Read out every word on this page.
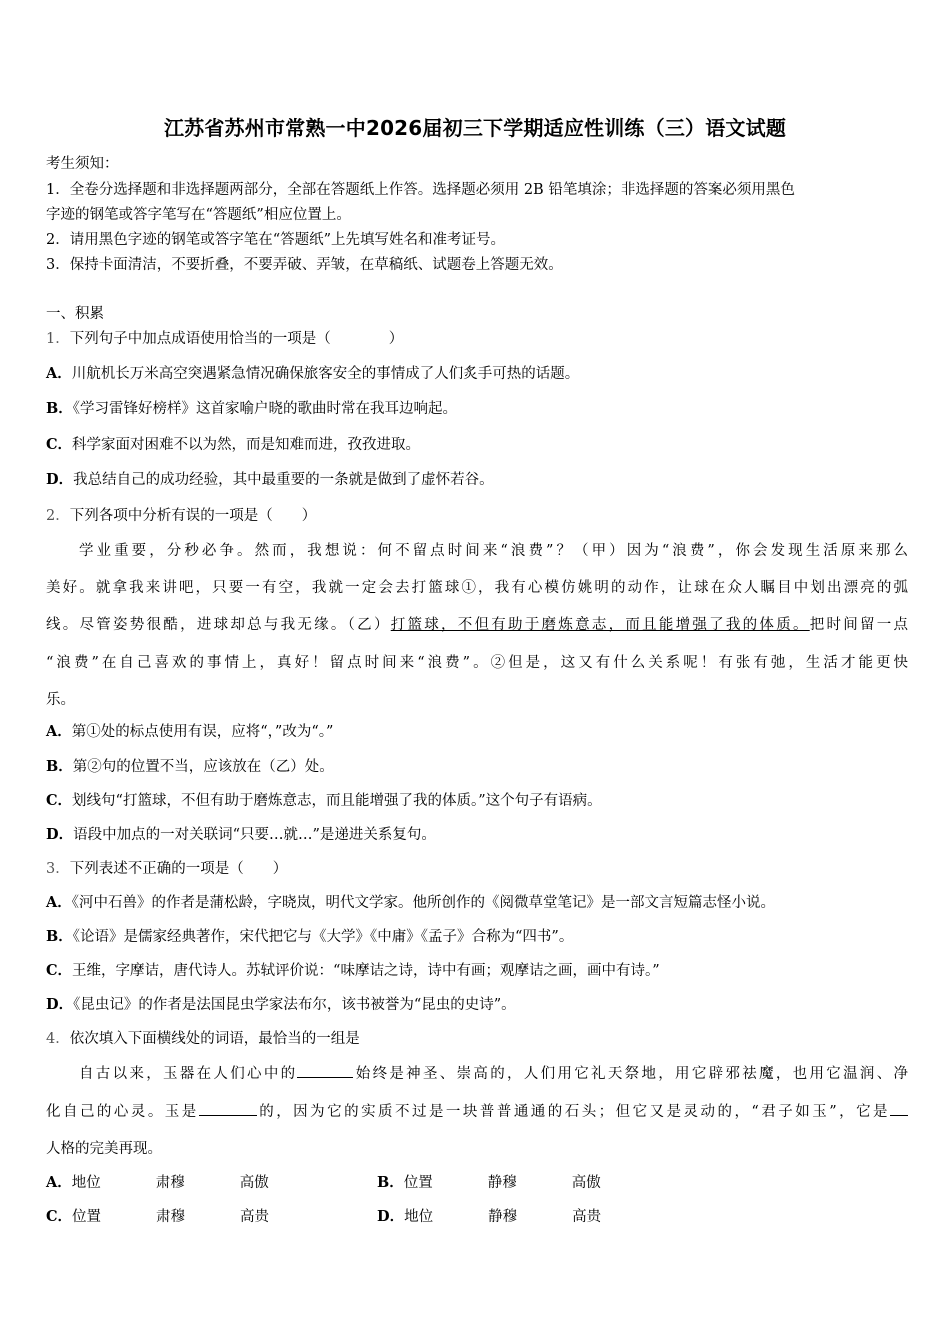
江苏省苏州市常熟一中2026届初三下学期适应性训练（三）语文试题
考生须知：
1．全卷分选择题和非选择题两部分，全部在答题纸上作答。选择题必须用 2B 铅笔填涂；非选择题的答案必须用黑色
字迹的钢笔或答字笔写在“答题纸”相应位置上。
2．请用黑色字迹的钢笔或答字笔在“答题纸”上先填写姓名和准考证号。
3．保持卡面清洁，不要折叠，不要弄破、弄皱，在草稿纸、试题卷上答题无效。
一、积累
1．下列句子中加点成语使用恰当的一项是（　　　　）
A．川航机长万米高空突遇紧急情况确保旅客安全的事情成了人们炙手可热的话题。
B．《学习雷锋好榜样》这首家喻户晓的歌曲时常在我耳边响起。
C．科学家面对困难不以为然，而是知难而进，孜孜进取。
D．我总结自己的成功经验，其中最重要的一条就是做到了虚怀若谷。
2．下列各项中分析有误的一项是（　　）
学业重要，分秒必争。然而，我想说：何不留点时间来“浪费”？（甲）因为“浪费”，你会发现生活原来那么
美好。就拿我来讲吧，只要一有空，我就一定会去打篮球①，我有心模仿姚明的动作，让球在众人瞩目中划出漂亮的弧
线。尽管姿势很酷，进球却总与我无缘。（乙）打篮球，不但有助于磨炼意志，而且能增强了我的体质。把时间留一点
“浪费”在自己喜欢的事情上，真好！留点时间来“浪费”。②但是，这又有什么关系呢！有张有弛，生活才能更快
乐。
A．第①处的标点使用有误，应将“，”改为“。”
B．第②句的位置不当，应该放在（乙）处。
C．划线句“打篮球，不但有助于磨炼意志，而且能增强了我的体质。”这个句子有语病。
D．语段中加点的一对关联词“只要…就…”是递进关系复句。
3．下列表述不正确的一项是（　　）
A．《河中石兽》的作者是蒲松龄，字晓岚，明代文学家。他所创作的《阅微草堂笔记》是一部文言短篇志怪小说。
B．《论语》是儒家经典著作，宋代把它与《大学》《中庸》《孟子》合称为“四书”。
C．王维，字摩诘，唐代诗人。苏轼评价说：“味摩诘之诗，诗中有画；观摩诘之画，画中有诗。”
D．《昆虫记》的作者是法国昆虫学家法布尔，该书被誉为“昆虫的史诗”。
4．依次填入下面横线处的词语，最恰当的一组是
自古以来，玉器在人们心中的	始终是神圣、崇高的，人们用它礼天祭地，用它辟邪祛魔，也用它温润、净
化自己的心灵。玉是	的，因为它的实质不过是一块普普通通的石头；但它又是灵动的，“君子如玉”，它是
人格的完美再现。
A．地位	肃穆	高傲	B．位置	静穆	高傲
C．位置	肃穆	高贵	D．地位	静穆	高贵
